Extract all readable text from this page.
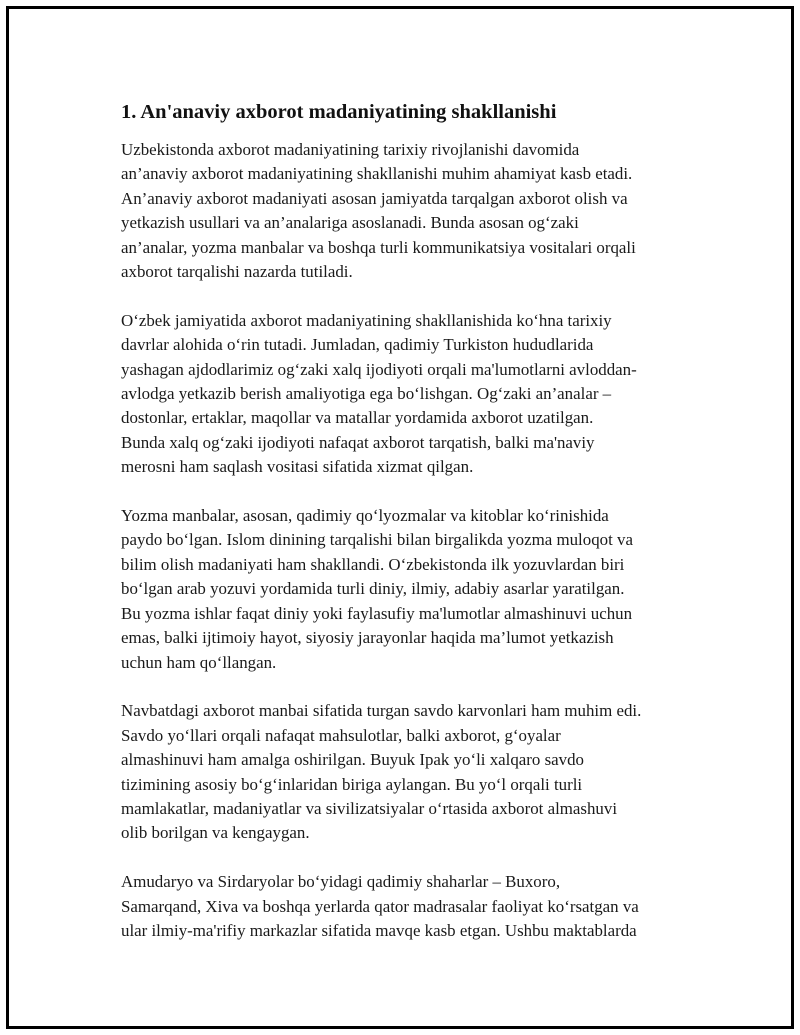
1. An'anaviy axborot madaniyatining shakllanishi
Uzbekistonda axborot madaniyatining tarixiy rivojlanishi davomida
an’anaviy axborot madaniyatining shakllanishi muhim ahamiyat kasb etadi.
An’anaviy axborot madaniyati asosan jamiyatda tarqalgan axborot olish va
yetkazish usullari va an’analariga asoslanadi. Bunda asosan ogʻzaki
an’analar, yozma manbalar va boshqa turli kommunikatsiya vositalari orqali
axborot tarqalishi nazarda tutiladi.
Oʻzbek jamiyatida axborot madaniyatining shakllanishida koʻhna tarixiy
davrlar alohida oʻrin tutadi. Jumladan, qadimiy Turkiston hududlarida
yashagan ajdodlarimiz ogʻzaki xalq ijodiyoti orqali ma'lumotlarni avloddan-
avlodga yetkazib berish amaliyotiga ega boʻlishgan. Ogʻzaki an’analar –
dostonlar, ertaklar, maqollar va matallar yordamida axborot uzatilgan.
Bunda xalq ogʻzaki ijodiyoti nafaqat axborot tarqatish, balki ma'naviy
merosni ham saqlash vositasi sifatida xizmat qilgan.
Yozma manbalar, asosan, qadimiy qoʻlyozmalar va kitoblar koʻrinishida
paydo boʻlgan. Islom dinining tarqalishi bilan birgalikda yozma muloqot va
bilim olish madaniyati ham shakllandi. Oʻzbekistonda ilk yozuvlardan biri
boʻlgan arab yozuvi yordamida turli diniy, ilmiy, adabiy asarlar yaratilgan.
Bu yozma ishlar faqat diniy yoki faylasufiy ma'lumotlar almashinuvi uchun
emas, balki ijtimoiy hayot, siyosiy jarayonlar haqida ma’lumot yetkazish
uchun ham qoʻllangan.
Navbatdagi axborot manbai sifatida turgan savdo karvonlari ham muhim edi.
Savdo yoʻllari orqali nafaqat mahsulotlar, balki axborot, gʻoyalar
almashinuvi ham amalga oshirilgan. Buyuk Ipak yoʻli xalqaro savdo
tizimining asosiy boʻgʻinlaridan biriga aylangan. Bu yoʻl orqali turli
mamlakatlar, madaniyatlar va sivilizatsiyalar oʻrtasida axborot almashuvi
olib borilgan va kengaygan.
Amudaryo va Sirdaryolar boʻyidagi qadimiy shaharlar – Buxoro,
Samarqand, Xiva va boshqa yerlarda qator madrasalar faoliyat koʻrsatgan va
ular ilmiy-ma'rifiy markazlar sifatida mavqe kasb etgan. Ushbu maktablarda
